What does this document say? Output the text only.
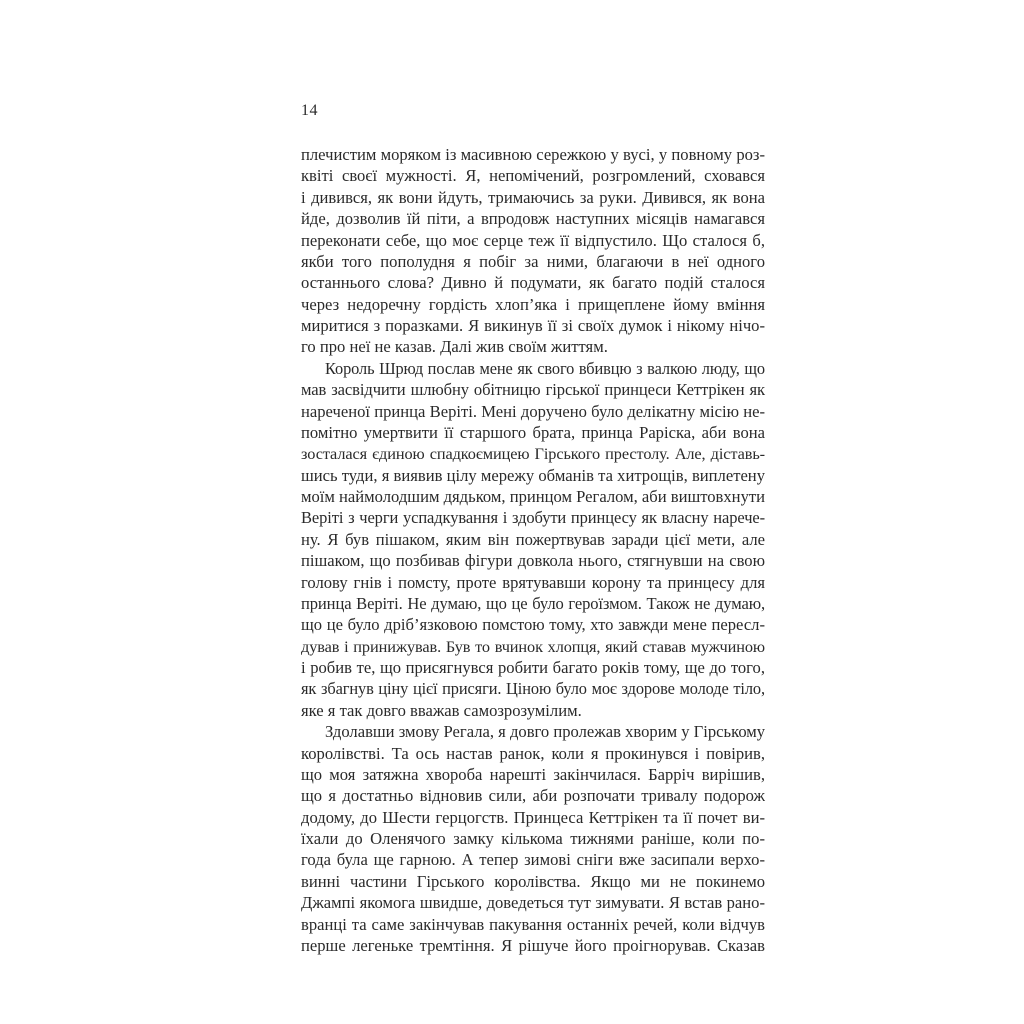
14
плечистим моряком із масивною сережкою у вусі, у повному роз-
квіті своєї мужності. Я, непомічений, розгромлений, сховався
і дивився, як вони йдуть, тримаючись за руки. Дивився, як вона
йде, дозволив їй піти, а впродовж наступних місяців намагався
переконати себе, що моє серце теж її відпустило. Що сталося б,
якби того пополудня я побіг за ними, благаючи в неї одного
останнього слова? Дивно й подумати, як багато подій сталося
через недоречну гордість хлоп’яка і прищеплене йому вміння
миритися з поразками. Я викинув її зі своїх думок і нікому нічо-
го про неї не казав. Далі жив своїм життям.
Король Шрюд послав мене як свого вбивцю з валкою люду, що
мав засвідчити шлюбну обітницю гірської принцеси Кеттрікен як
нареченої принца Веріті. Мені доручено було делікатну місію не-
помітно умертвити її старшого брата, принца Раріска, аби вона
зосталася єдиною спадкоємицею Гірського престолу. Але, діставь-
шись туди, я виявив цілу мережу обманів та хитрощів, виплетену
моїм наймолодшим дядьком, принцом Регалом, аби виштовхнути
Веріті з черги успадкування і здобути принцесу як власну нарече-
ну. Я був пішаком, яким він пожертвував заради цієї мети, але
пішаком, що позбивав фігури довкола нього, стягнувши на свою
голову гнів і помсту, проте врятувавши корону та принцесу для
принца Веріті. Не думаю, що це було героїзмом. Також не думаю,
що це було дріб’язковою помстою тому, хто завжди мене пересл-
дував і принижував. Був то вчинок хлопця, який ставав мужчиною
і робив те, що присягнувся робити багато років тому, ще до того,
як збагнув ціну цієї присяги. Ціною було моє здорове молоде тіло,
яке я так довго вважав самозрозумілим.
Здолавши змову Регала, я довго пролежав хворим у Гірському
королівстві. Та ось настав ранок, коли я прокинувся і повірив,
що моя затяжна хвороба нарешті закінчилася. Барріч вирішив,
що я достатньо відновив сили, аби розпочати тривалу подорож
додому, до Шести герцогств. Принцеса Кеттрікен та її почет ви-
їхали до Оленячого замку кількома тижнями раніше, коли по-
года була ще гарною. А тепер зимові сніги вже засипали верхо-
винні частини Гірського королівства. Якщо ми не покинемо
Джампі якомога швидше, доведеться тут зимувати. Я встав рано-
вранці та саме закінчував пакування останніх речей, коли відчув
перше легеньке тремтіння. Я рішуче його проігнорував. Сказав
